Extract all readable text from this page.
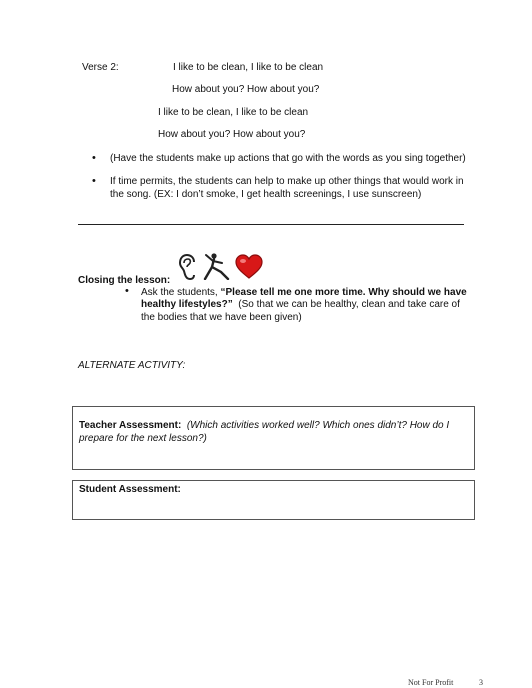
Verse 2:	I like to be clean, I like to be clean
How about you? How about you?
I like to be clean, I like to be clean
How about you? How about you?
• (Have the students make up actions that go with the words as you sing together)
• If time permits, the students can help to make up other things that would work in
the song. (EX: I don’t smoke, I get health screenings, I use sunscreen)
Closing the lesson:
• Ask the students, “Please tell me one more time. Why should we have
healthy lifestyles?” (So that we can be healthy, clean and take care of
the bodies that we have been given)
ALTERNATE ACTIVITY:
Teacher Assessment: (Which activities worked well? Which ones didn’t? How do I
prepare for the next lesson?)
Student Assessment:
Not For Profit	3
